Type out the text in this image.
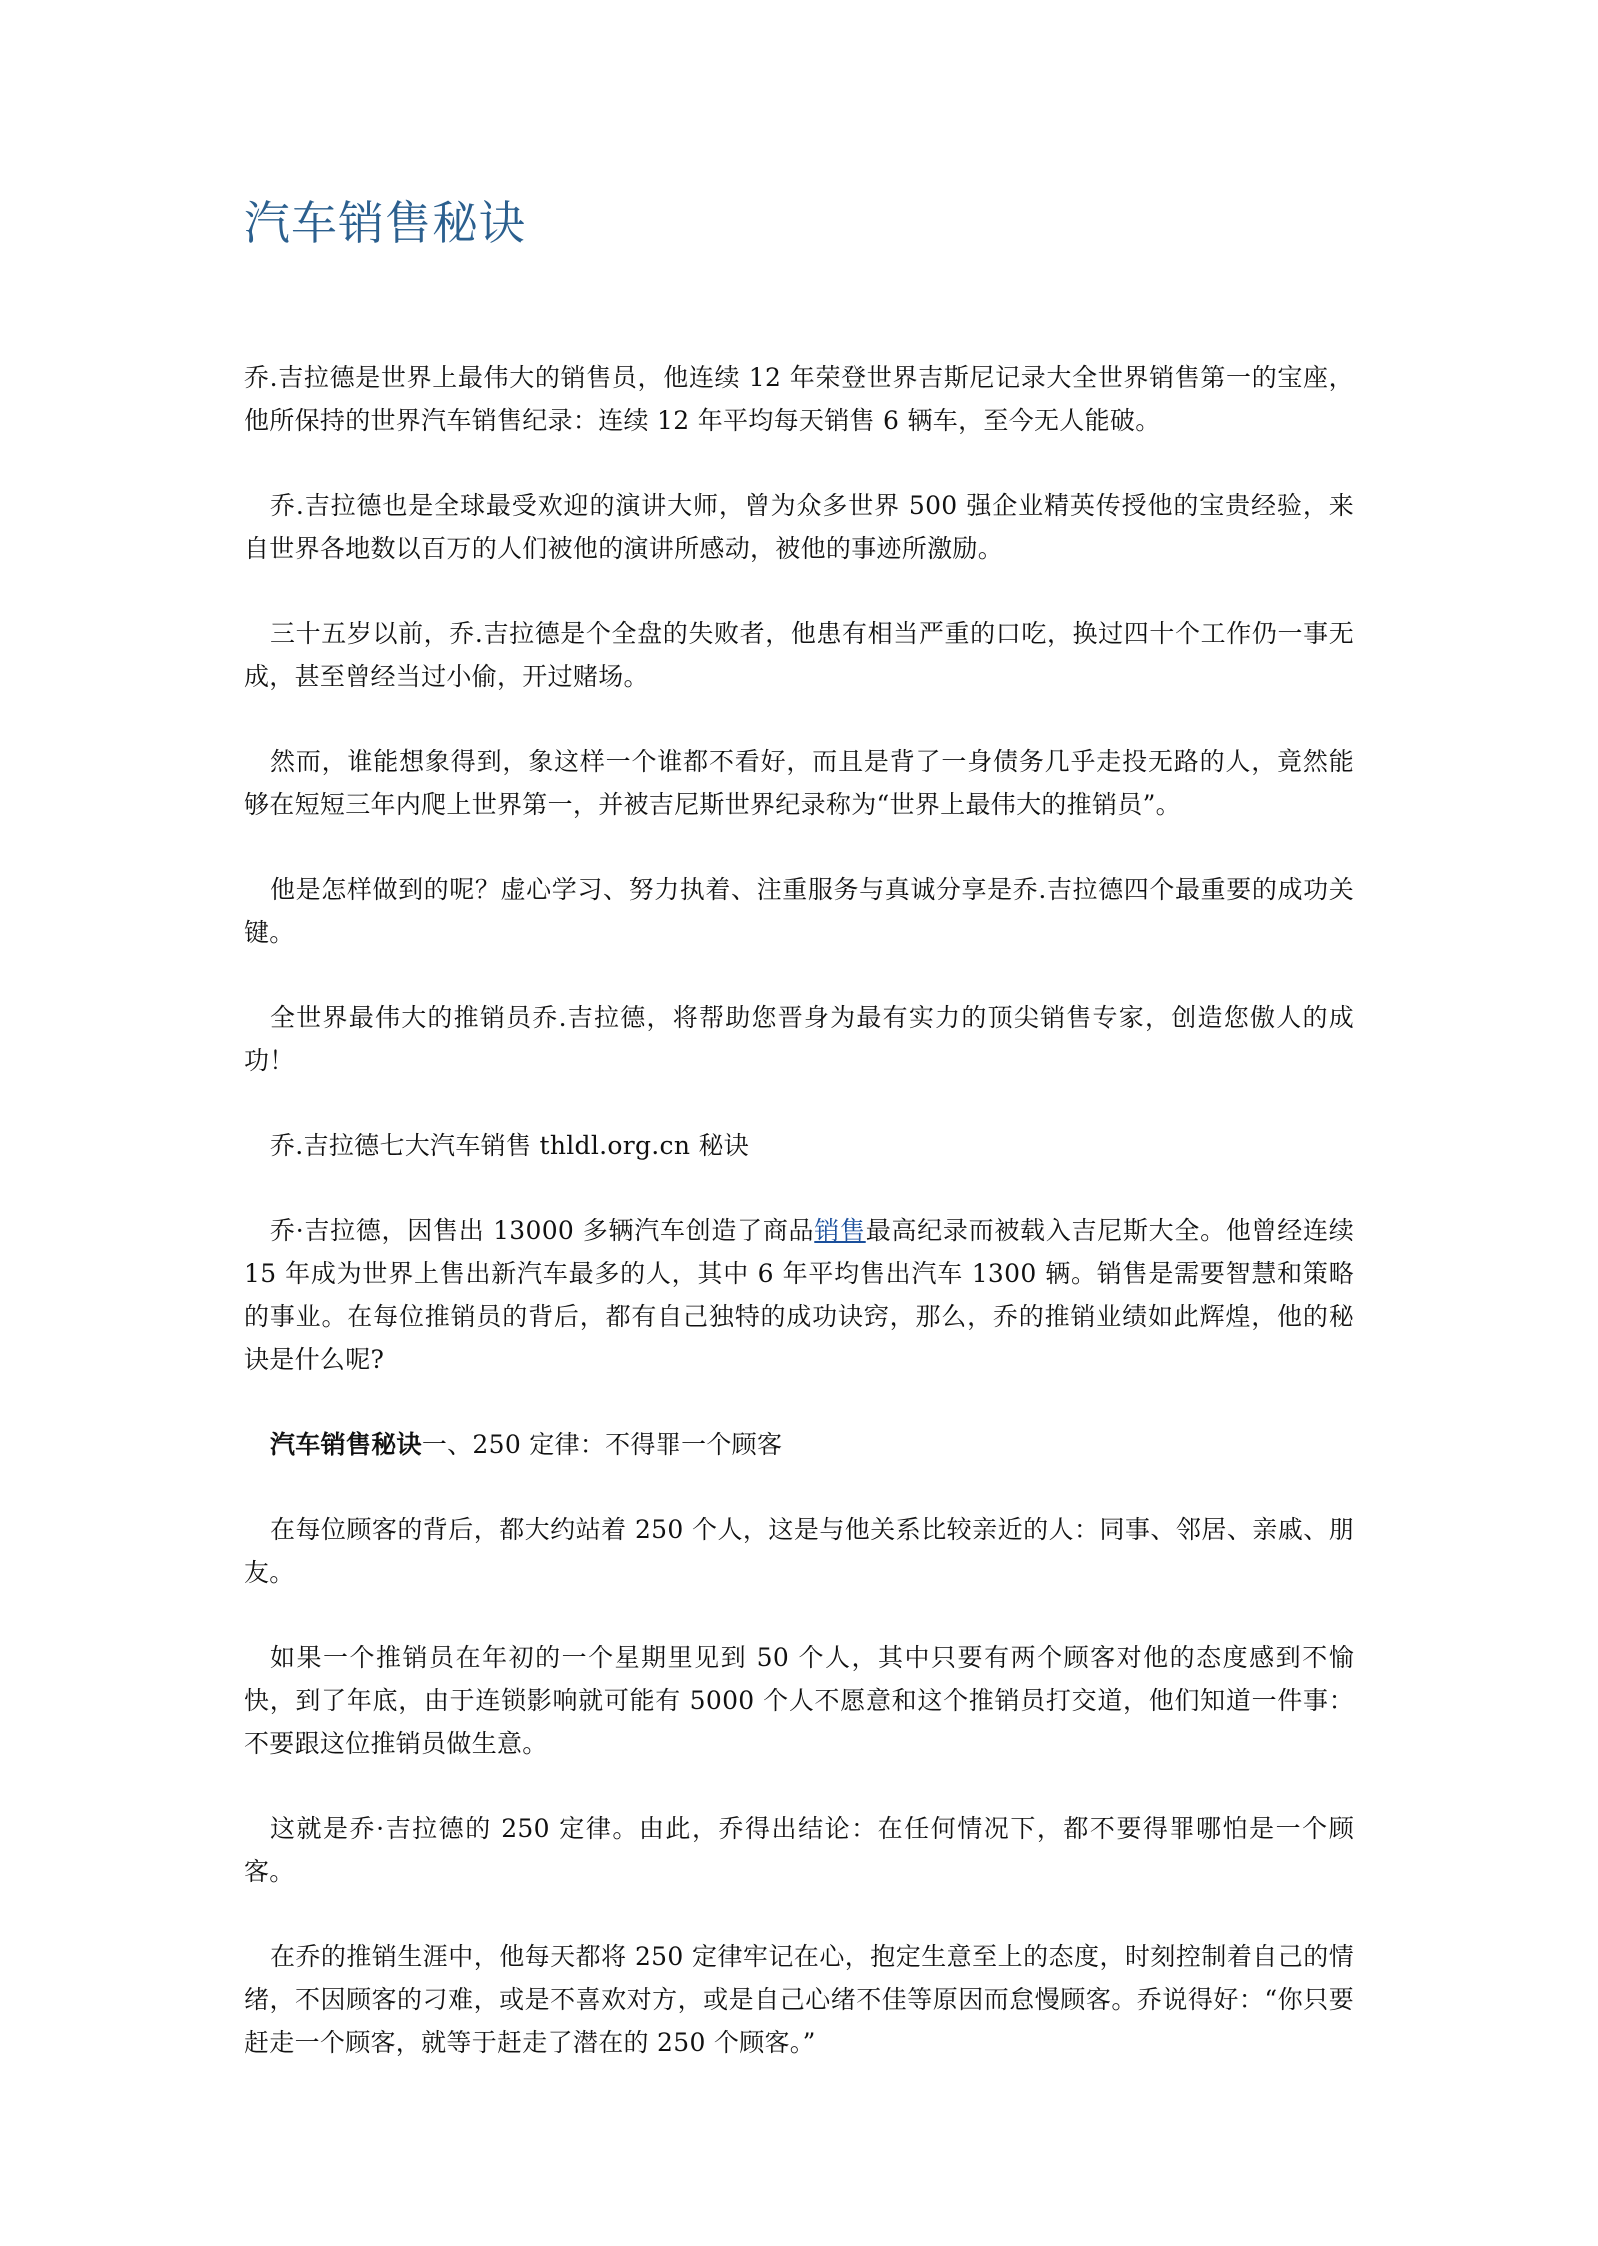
汽车销售秘诀

乔.吉拉德是世界上最伟大的销售员，他连续 12 年荣登世界吉斯尼记录大全世界销售第一的宝座，他所保持的世界汽车销售纪录：连续 12 年平均每天销售 6 辆车，至今无人能破。

乔.吉拉德也是全球最受欢迎的演讲大师，曾为众多世界 500 强企业精英传授他的宝贵经验，来自世界各地数以百万的人们被他的演讲所感动，被他的事迹所激励。

三十五岁以前，乔.吉拉德是个全盘的失败者，他患有相当严重的口吃，换过四十个工作仍一事无成，甚至曾经当过小偷，开过赌场。

然而，谁能想象得到，象这样一个谁都不看好，而且是背了一身债务几乎走投无路的人，竟然能够在短短三年内爬上世界第一，并被吉尼斯世界纪录称为“世界上最伟大的推销员”。

他是怎样做到的呢？虚心学习、努力执着、注重服务与真诚分享是乔.吉拉德四个最重要的成功关键。

全世界最伟大的推销员乔.吉拉德，将帮助您晋身为最有实力的顶尖销售专家，创造您傲人的成功！

乔.吉拉德七大汽车销售 thldl.org.cn 秘诀

乔·吉拉德，因售出 13000 多辆汽车创造了商品销售最高纪录而被载入吉尼斯大全。他曾经连续 15 年成为世界上售出新汽车最多的人，其中 6 年平均售出汽车 1300 辆。销售是需要智慧和策略的事业。在每位推销员的背后，都有自己独特的成功诀窍，那么，乔的推销业绩如此辉煌，他的秘诀是什么呢?

汽车销售秘诀一、250 定律：不得罪一个顾客

在每位顾客的背后，都大约站着 250 个人，这是与他关系比较亲近的人：同事、邻居、亲戚、朋友。

如果一个推销员在年初的一个星期里见到 50 个人，其中只要有两个顾客对他的态度感到不愉快，到了年底，由于连锁影响就可能有 5000 个人不愿意和这个推销员打交道，他们知道一件事：不要跟这位推销员做生意。

这就是乔·吉拉德的 250 定律。由此，乔得出结论：在任何情况下，都不要得罪哪怕是一个顾客。

在乔的推销生涯中，他每天都将 250 定律牢记在心，抱定生意至上的态度，时刻控制着自己的情绪，不因顾客的刁难，或是不喜欢对方，或是自己心绪不佳等原因而怠慢顾客。乔说得好：“你只要赶走一个顾客，就等于赶走了潜在的 250 个顾客。”
